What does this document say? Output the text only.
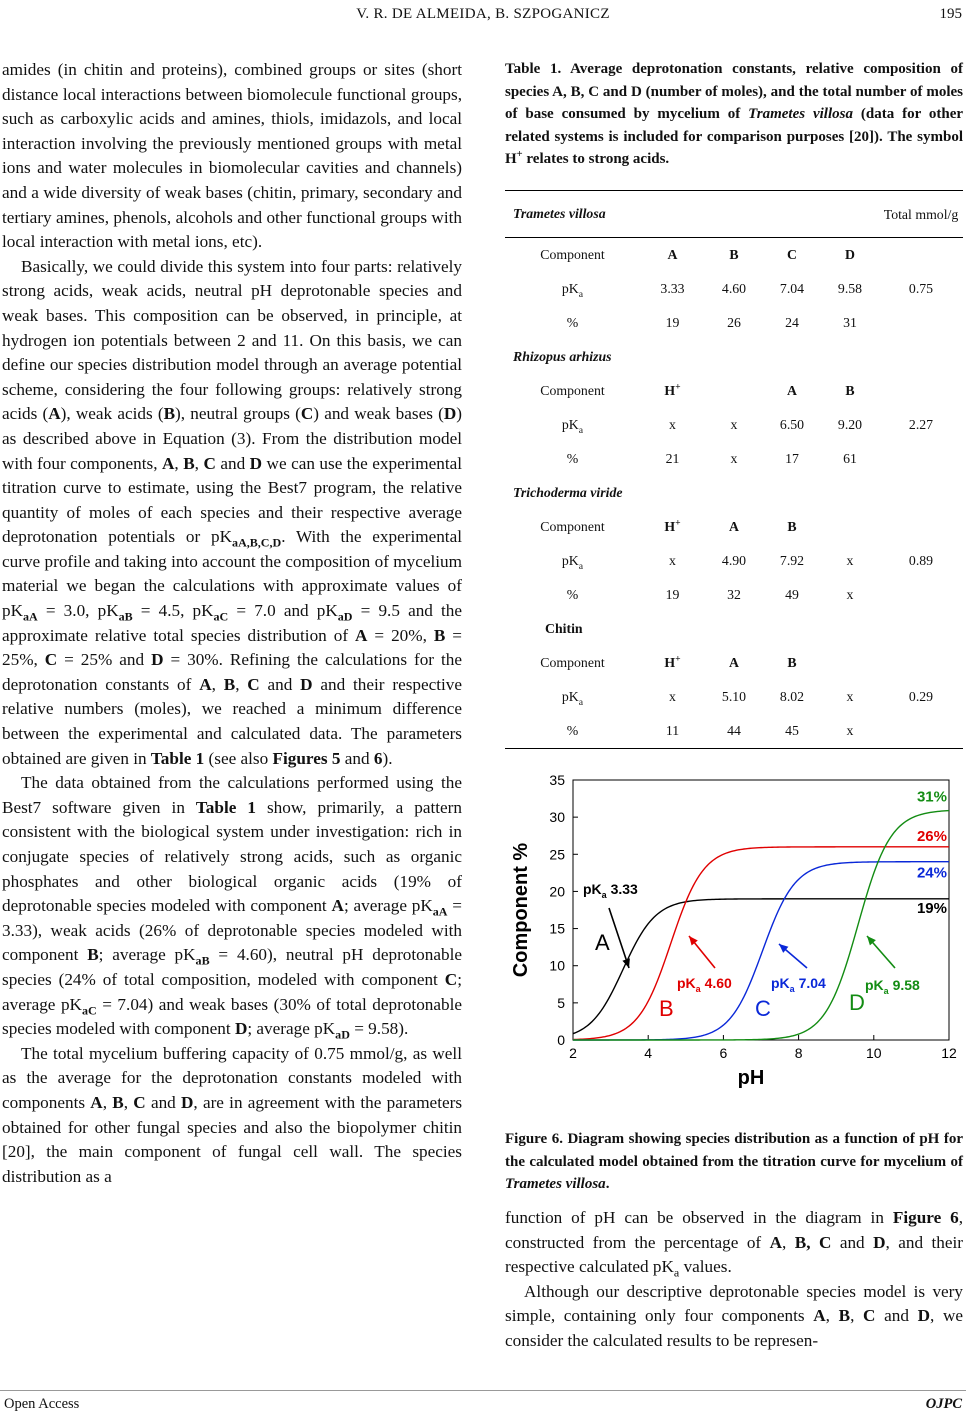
V. R. DE ALMEIDA, B. SZPOGANICZ	195

amides (in chitin and proteins), combined groups or sites (short distance local interactions between biomolecule functional groups, such as carboxylic acids and amines, thiols, imidazols, and local interaction involving the previously mentioned groups with metal ions and water molecules in biomolecular cavities and channels) and a wide diversity of weak bases (chitin, primary, secondary and tertiary amines, phenols, alcohols and other functional groups with local interaction with metal ions, etc).

Basically, we could divide this system into four parts: relatively strong acids, weak acids, neutral pH deprotonable species and weak bases. This composition can be observed, in principle, at hydrogen ion potentials between 2 and 11. On this basis, we can define our species distribution model through an average potential scheme, considering the four following groups: relatively strong acids (A), weak acids (B), neutral groups (C) and weak bases (D) as described above in Equation (3). From the distribution model with four components, A, B, C and D we can use the experimental titration curve to estimate, using the Best7 program, the relative quantity of moles of each species and their respective average deprotonation potentials or $pK_{aA,B,C,D}$. With the experimental curve profile and taking into account the composition of mycelium material we began the calculations with approximate values of $pK_{aA} = 3.0$, $pK_{aB} = 4.5$, $pK_{aC} = 7.0$ and $pK_{aD} = 9.5$ and the approximate relative total species distribution of A = 20%, B = 25%, C = 25% and D = 30%. Refining the calculations for the deprotonation constants of A, B, C and D and their respective relative numbers (moles), we reached a minimum difference between the experimental and calculated data. The parameters obtained are given in Table 1 (see also Figures 5 and 6).

The data obtained from the calculations performed using the Best7 software given in Table 1 show, primarily, a pattern consistent with the biological system under investigation: rich in conjugate species of relatively strong acids, such as organic phosphates and other biological organic acids (19% of deprotonable species modeled with component A; average $pK_{aA} = 3.33$), weak acids (26% of deprotonable species modeled with component B; average $pK_{aB} = 4.60$), neutral pH deprotonable species (24% of total composition, modeled with component C; average $pK_{aC} = 7.04$) and weak bases (30% of total deprotonable species modeled with component D; average $pK_{aD} = 9.58$).

The total mycelium buffering capacity of 0.75 mmol/g, as well as the average for the deprotonation constants modeled with components A, B, C and D, are in agreement with the parameters obtained for other fungal species and also the biopolymer chitin [20], the main component of fungal cell wall. The species distribution as a

Table 1. Average deprotonation constants, relative composition of species A, B, C and D (number of moles), and the total number of moles of base consumed by mycelium of Trametes villosa (data for other related systems is included for comparison purposes [20]). The symbol H+ relates to strong acids.
Trametes villosa					Total mmol/g
Component	A	B	C	D	
$pK_a$	3.33	4.60	7.04	9.58	0.75
%	19	26	24	31	
Rhizopus arhizus					
Component	H+		A	B	
$pK_a$	x	x	6.50	9.20	2.27
%	21	x	17	61	
Trichoderma viride					
Component	H+	A	B		
$pK_a$	x	4.90	7.92	x	0.89
%	19	32	49	x	
Chitin					
Component	H+	A	B		
$pK_a$	x	5.10	8.02	x	0.29
%	11	44	45	x	
0
5
10
15
20
25
30
35
2	4	6	8	10	12
pH
Component %	19%
26%
24%
31%
$pK_a$ 3.33
A
$pK_a$ 4.60
B
$pK_a$ 7.04
C
$pK_a$ 9.58
D
Figure 6. Diagram showing species distribution as a function of pH for the calculated model obtained from the titration curve for mycelium of Trametes villosa.

function of pH can be observed in the diagram in Figure 6, constructed from the percentage of A, B, C and D, and their respective calculated $pK_a$ values.

Although our descriptive deprotonable species model is very simple, containing only four components A, B, C and D, we consider the calculated results to be represen-

Open Access	OJPC
